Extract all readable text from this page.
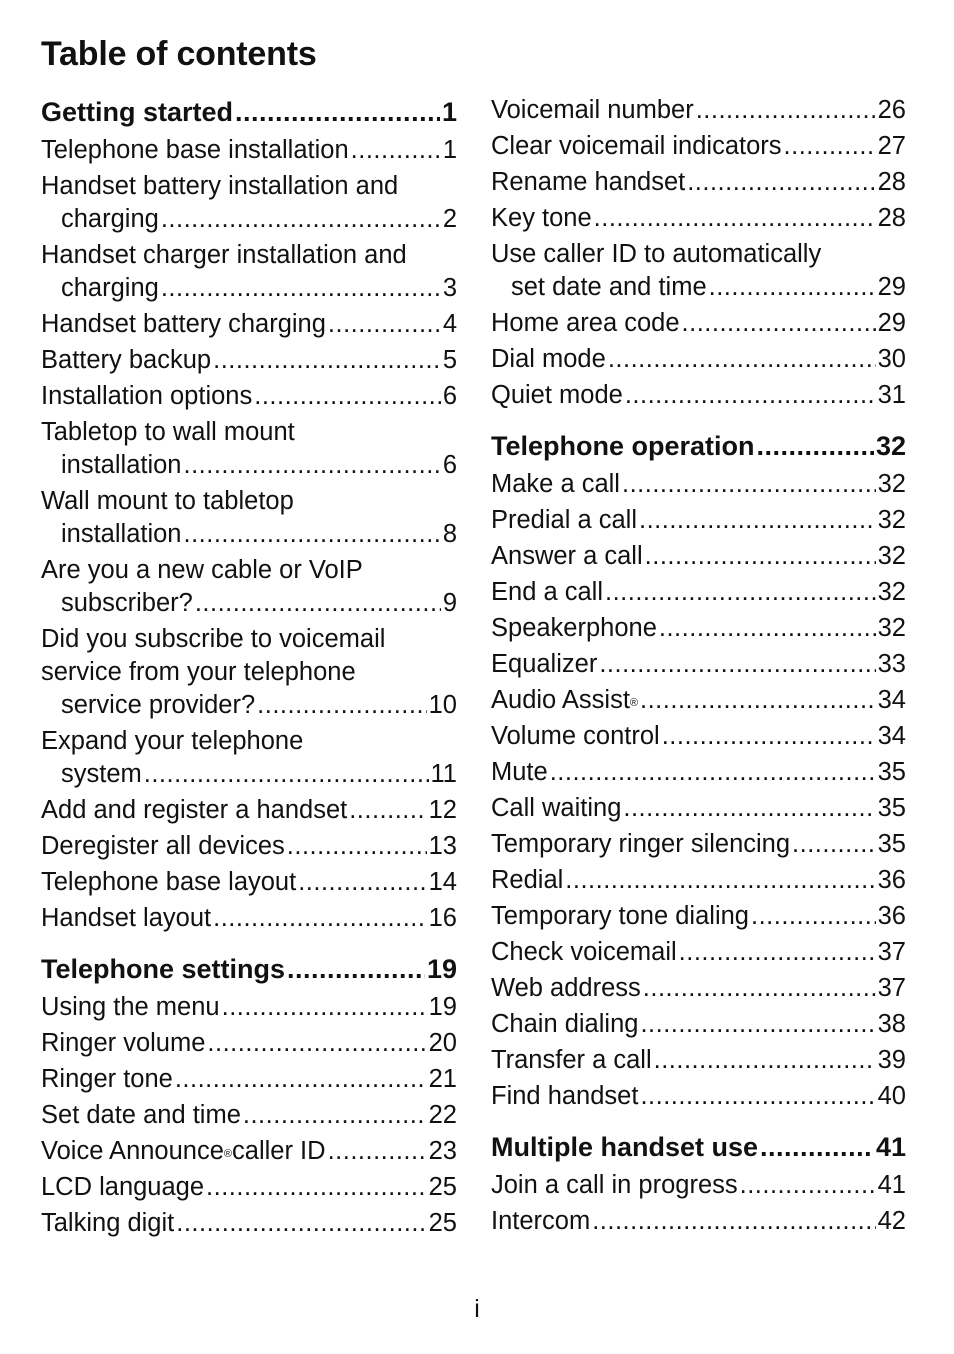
Table of contents
Getting started .....	1
Telephone base installation .....	1
Handset battery installation and
charging .....	2
Handset charger installation and
charging .....	3
Handset battery charging .....	4
Battery backup .....	5
Installation options .....	6
Tabletop to wall mount
installation .....	6
Wall mount to tabletop
installation .....	8
Are you a new cable or VoIP
subscriber? .....	9
Did you subscribe to voicemail
service from your telephone
service provider? .....	10
Expand your telephone
system .....	11
Add and register a handset .....	12
Deregister all devices .....	13
Telephone base layout .....	14
Handset layout .....	16
Telephone settings .....	19
Using the menu .....	19
Ringer volume .....	20
Ringer tone .....	21
Set date and time .....	22
Voice Announce® caller ID .....	23
LCD language .....	25
Talking digit .....	25
Voicemail number .....	26
Clear voicemail indicators .....	27
Rename handset .....	28
Key tone .....	28
Use caller ID to automatically
set date and time .....	29
Home area code .....	29
Dial mode .....	30
Quiet mode .....	31
Telephone operation .....	32
Make a call .....	32
Predial a call .....	32
Answer a call .....	32
End a call .....	32
Speakerphone .....	32
Equalizer .....	33
Audio Assist® .....	34
Volume control .....	34
Mute .....	35
Call waiting .....	35
Temporary ringer silencing .....	35
Redial .....	36
Temporary tone dialing .....	36
Check voicemail .....	37
Web address .....	37
Chain dialing .....	38
Transfer a call .....	39
Find handset .....	40
Multiple handset use .....	41
Join a call in progress .....	41
Intercom .....	42
i
